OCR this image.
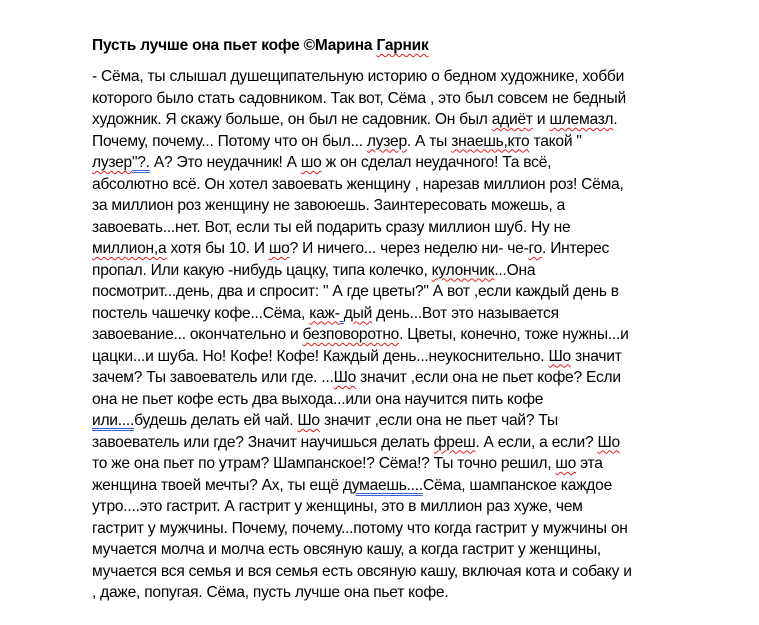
Пусть лучше она пьет кофе ©Марина Гарник
- Сёма, ты слышал душещипательную историю о бедном художнике, хобби
которого было стать садовником. Так вот, Сёма , это был совсем не бедный
художник. Я скажу больше, он был не садовник. Он был адиёт и шлемазл.
Почему, почему... Потому что он был... лузер. А ты знаешь,кто такой "
лузер"?. А? Это неудачник! А шо ж он сделал неудачного! Та всё,
абсолютно всё. Он хотел завоевать женщину , нарезав миллион роз! Сёма,
за миллион роз женщину не завоюешь. Заинтересовать можешь, а
завоевать...нет. Вот, если ты ей подарить сразу миллион шуб. Ну не
миллион,а хотя бы 10. И шо? И ничего... через неделю ни- че-го. Интерес
пропал. Или какую -нибудь цацку, типа колечко, кулончик...Она
посмотрит...день, два и спросит: " А где цветы?" А вот ,если каждый день в
постель чашечку кофе...Сёма, каж- дый день...Вот это называется
завоевание... окончательно и безповоротно. Цветы, конечно, тоже нужны...и
цацки...и шуба. Но! Кофе! Кофе! Каждый день...неукоснительно. Шо значит
зачем? Ты завоеватель или где. ...Шо значит ,если она не пьет кофе? Если
она не пьет кофе есть два выхода...или она научится пить кофе
или....будешь делать ей чай. Шо значит ,если она не пьет чай? Ты
завоеватель или где? Значит научишься делать фреш. А если, а если? Шо
то же она пьет по утрам? Шампанское!? Сёма!? Ты точно решил, шо эта
женщина твоей мечты? Ах, ты ещё думаешь....Сёма, шампанское каждое
утро....это гастрит. А гастрит у женщины, это в миллион раз хуже, чем
гастрит у мужчины. Почему, почему...потому что когда гастрит у мужчины он
мучается молча и молча есть овсяную кашу, а когда гастрит у женщины,
мучается вся семья и вся семья есть овсяную кашу, включая кота и собаку и
, даже, попугая. Сёма, пусть лучше она пьет кофе.
